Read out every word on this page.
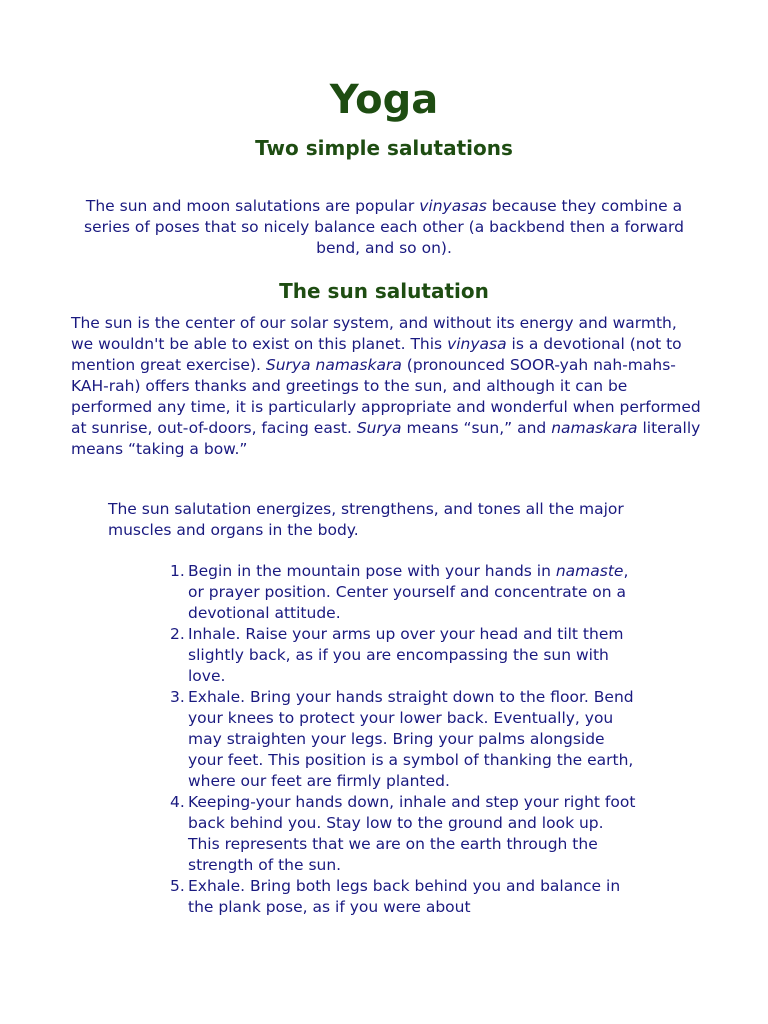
Yoga
Two simple salutations

The sun and moon salutations are popular vinyasas because they combine a series of poses that so nicely balance each other (a backbend then a forward bend, and so on).

The sun salutation

The sun is the center of our solar system, and without its energy and warmth, we wouldn't be able to exist on this planet. This vinyasa is a devotional (not to mention great exercise). Surya namaskara (pronounced SOOR-yah nah-mahs-KAH-rah) offers thanks and greetings to the sun, and although it can be performed any time, it is particularly appropriate and wonderful when performed at sunrise, out-of-doors, facing east. Surya means “sun,” and namaskara literally means “taking a bow.”

The sun salutation energizes, strengthens, and tones all the major muscles and organs in the body.

1. Begin in the mountain pose with your hands in namaste, or prayer position. Center yourself and concentrate on a devotional attitude.
2. Inhale. Raise your arms up over your head and tilt them slightly back, as if you are encompassing the sun with love.
3. Exhale. Bring your hands straight down to the floor. Bend your knees to protect your lower back. Eventually, you may straighten your legs. Bring your palms alongside your feet. This position is a symbol of thanking the earth, where our feet are firmly planted.
4. Keeping-your hands down, inhale and step your right foot back behind you. Stay low to the ground and look up. This represents that we are on the earth through the strength of the sun.
5. Exhale. Bring both legs back behind you and balance in the plank pose, as if you were about
